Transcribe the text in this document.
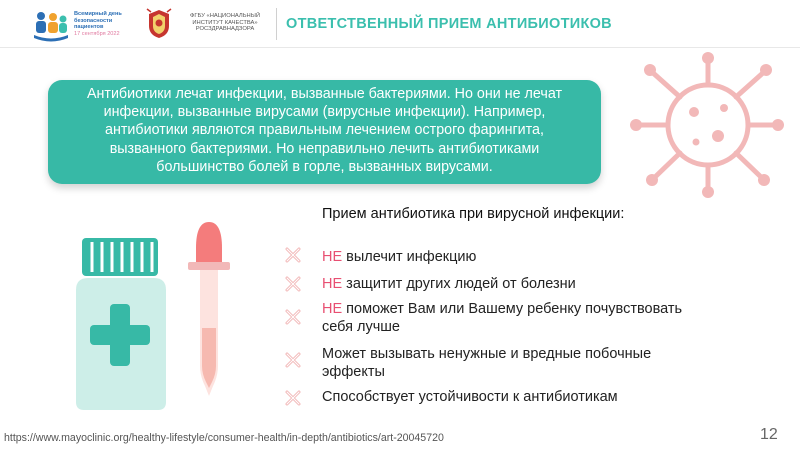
Всемирный день
безопасности
пациентов
17 сентября 2022
ФГБУ «НАЦИОНАЛЬНЫЙ
ИНСТИТУТ КАЧЕСТВА»
РОСЗДРАВНАДЗОРА	ОТВЕТСТВЕННЫЙ ПРИЕМ АНТИБИОТИКОВ
Антибиотики лечат инфекции, вызванные бактериями. Но они не лечат
инфекции, вызванные вирусами (вирусные инфекции). Например,
антибиотики являются правильным лечением острого фарингита,
вызванного бактериями. Но неправильно лечить антибиотиками
большинство болей в горле, вызванных вирусами.
Прием антибиотика при вирусной инфекции:
НЕ вылечит инфекцию
НЕ защитит других людей от болезни
НЕ поможет Вам или Вашему ребенку почувствовать
себя лучше
Может вызывать ненужные и вредные побочные
эффекты
Способствует устойчивости к антибиотикам
https://www.mayoclinic.org/healthy-lifestyle/consumer-health/in-depth/antibiotics/art-20045720	12
